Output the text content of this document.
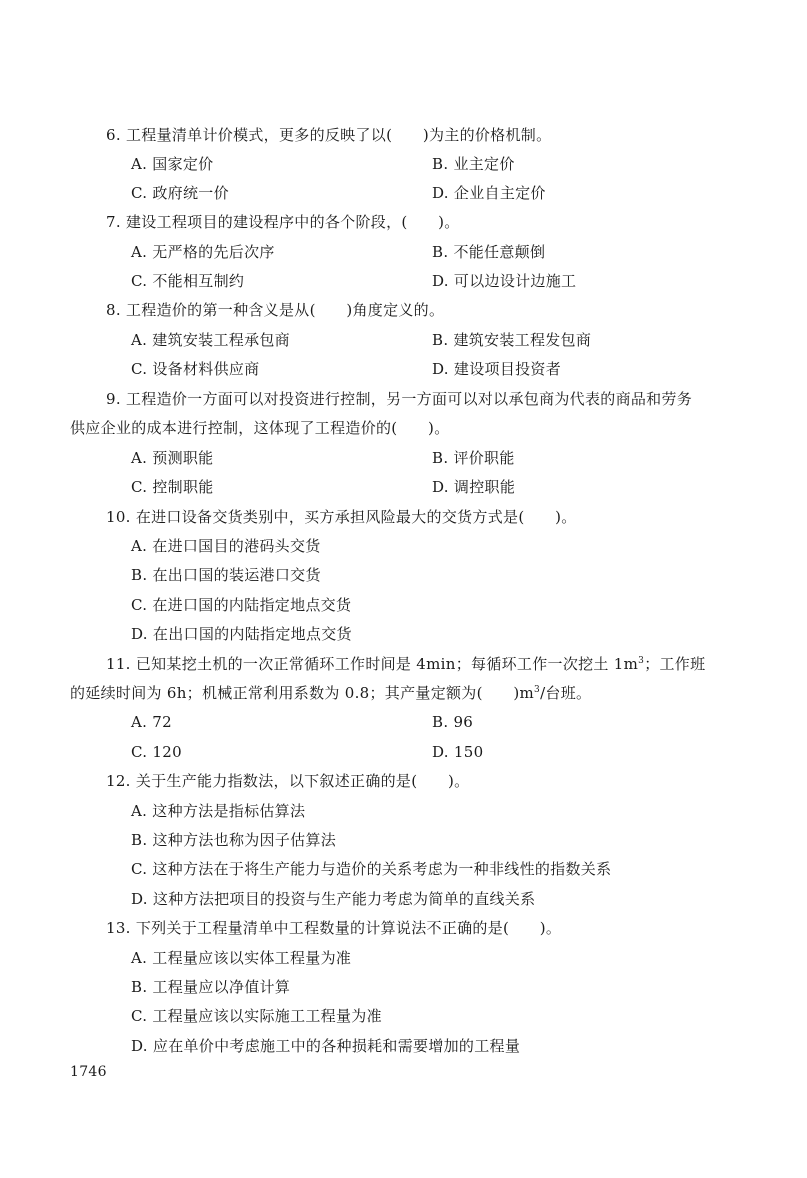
6. 工程量清单计价模式，更多的反映了以(　　)为主的价格机制。
A. 国家定价	B. 业主定价
C. 政府统一价	D. 企业自主定价
7. 建设工程项目的建设程序中的各个阶段，(　　)。
A. 无严格的先后次序	B. 不能任意颠倒
C. 不能相互制约	D. 可以边设计边施工
8. 工程造价的第一种含义是从(　　)角度定义的。
A. 建筑安装工程承包商	B. 建筑安装工程发包商
C. 设备材料供应商	D. 建设项目投资者
9. 工程造价一方面可以对投资进行控制，另一方面可以对以承包商为代表的商品和劳务
供应企业的成本进行控制，这体现了工程造价的(　　)。
A. 预测职能	B. 评价职能
C. 控制职能	D. 调控职能
10. 在进口设备交货类别中，买方承担风险最大的交货方式是(　　)。
A. 在进口国目的港码头交货
B. 在出口国的装运港口交货
C. 在进口国的内陆指定地点交货
D. 在出口国的内陆指定地点交货
11. 已知某挖土机的一次正常循环工作时间是 4min；每循环工作一次挖土 $1m^3$；工作班
的延续时间为 6h；机械正常利用系数为 0.8；其产量定额为(　　)$m^3/$台班。
A. 72	B. 96
C. 120	D. 150
12. 关于生产能力指数法，以下叙述正确的是(　　)。
A. 这种方法是指标估算法
B. 这种方法也称为因子估算法
C. 这种方法在于将生产能力与造价的关系考虑为一种非线性的指数关系
D. 这种方法把项目的投资与生产能力考虑为简单的直线关系
13. 下列关于工程量清单中工程数量的计算说法不正确的是(　　)。
A. 工程量应该以实体工程量为准
B. 工程量应以净值计算
C. 工程量应该以实际施工工程量为准
D. 应在单价中考虑施工中的各种损耗和需要增加的工程量
1746
